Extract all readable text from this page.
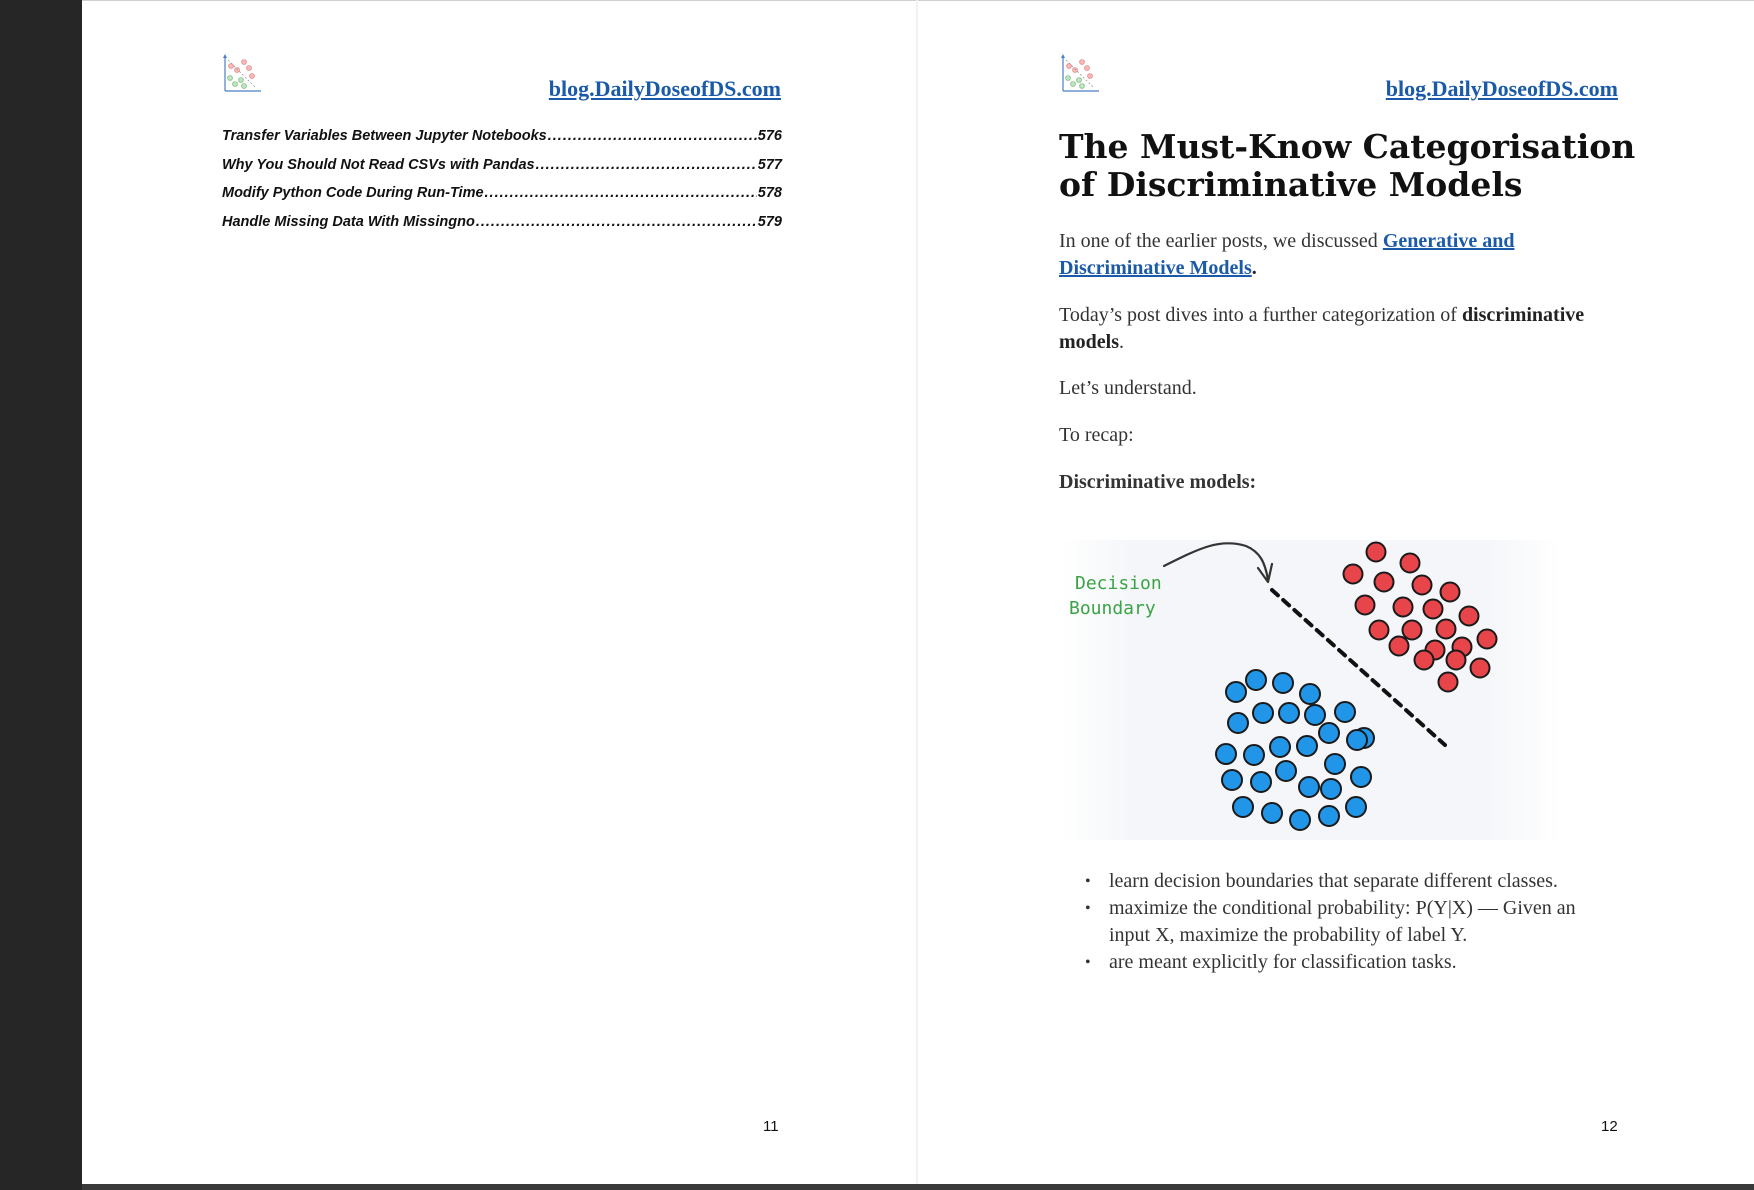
blog.DailyDoseofDS.com
Transfer Variables Between Jupyter Notebooks .....	576
Why You Should Not Read CSVs with Pandas .....	577
Modify Python Code During Run-Time .....	578
Handle Missing Data With Missingno .....	579
11
blog.DailyDoseofDS.com
The Must-Know Categorisation of Discriminative Models

In one of the earlier posts, we discussed Generative and Discriminative Models.

Today’s post dives into a further categorization of discriminative models.

Let’s understand.

To recap:

Discriminative models:

Decision
Boundary
• learn decision boundaries that separate different classes.
• maximize the conditional probability: P(Y|X) — Given an input X, maximize the probability of label Y.
• are meant explicitly for classification tasks.
12
